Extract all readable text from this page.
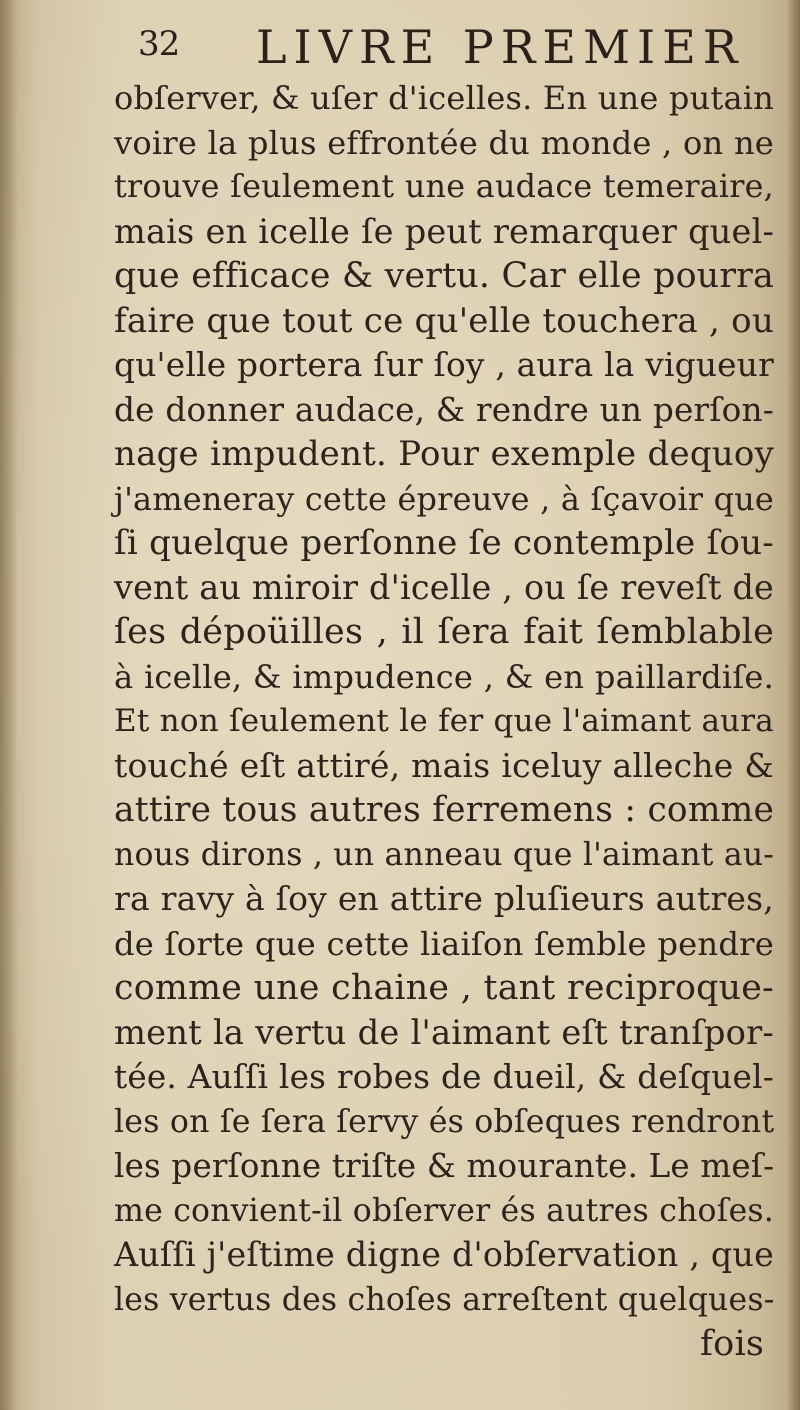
32 LIVRE PREMIER
obſerver, & uſer d'icelles. En une putain
voire la plus effrontée du monde , on ne
trouve ſeulement une audace temeraire,
mais en icelle ſe peut remarquer quel-
que efficace & vertu. Car elle pourra
faire que tout ce qu'elle touchera , ou
qu'elle portera ſur ſoy , aura la vigueur
de donner audace, & rendre un perſon-
nage impudent. Pour exemple dequoy
j'ameneray cette épreuve , à ſçavoir que
ſi quelque perſonne ſe contemple ſou-
vent au miroir d'icelle , ou ſe reveſt de
ſes dépoüilles , il ſera fait ſemblable
à icelle, & impudence , & en paillardiſe.
Et non ſeulement le fer que l'aimant aura
touché eſt attiré, mais iceluy alleche &
attire tous autres ferremens : comme
nous dirons , un anneau que l'aimant au-
ra ravy à ſoy en attire pluſieurs autres,
de ſorte que cette liaiſon ſemble pendre
comme une chaine , tant reciproque-
ment la vertu de l'aimant eſt tranſpor-
tée. Auſſi les robes de dueil, & deſquel-
les on ſe ſera ſervy és obſeques rendront
les perſonne triſte & mourante. Le meſ-
me convient-il obſerver és autres choſes.
Auſſi j'eſtime digne d'obſervation , que
les vertus des choſes arreſtent quelques-
fois
